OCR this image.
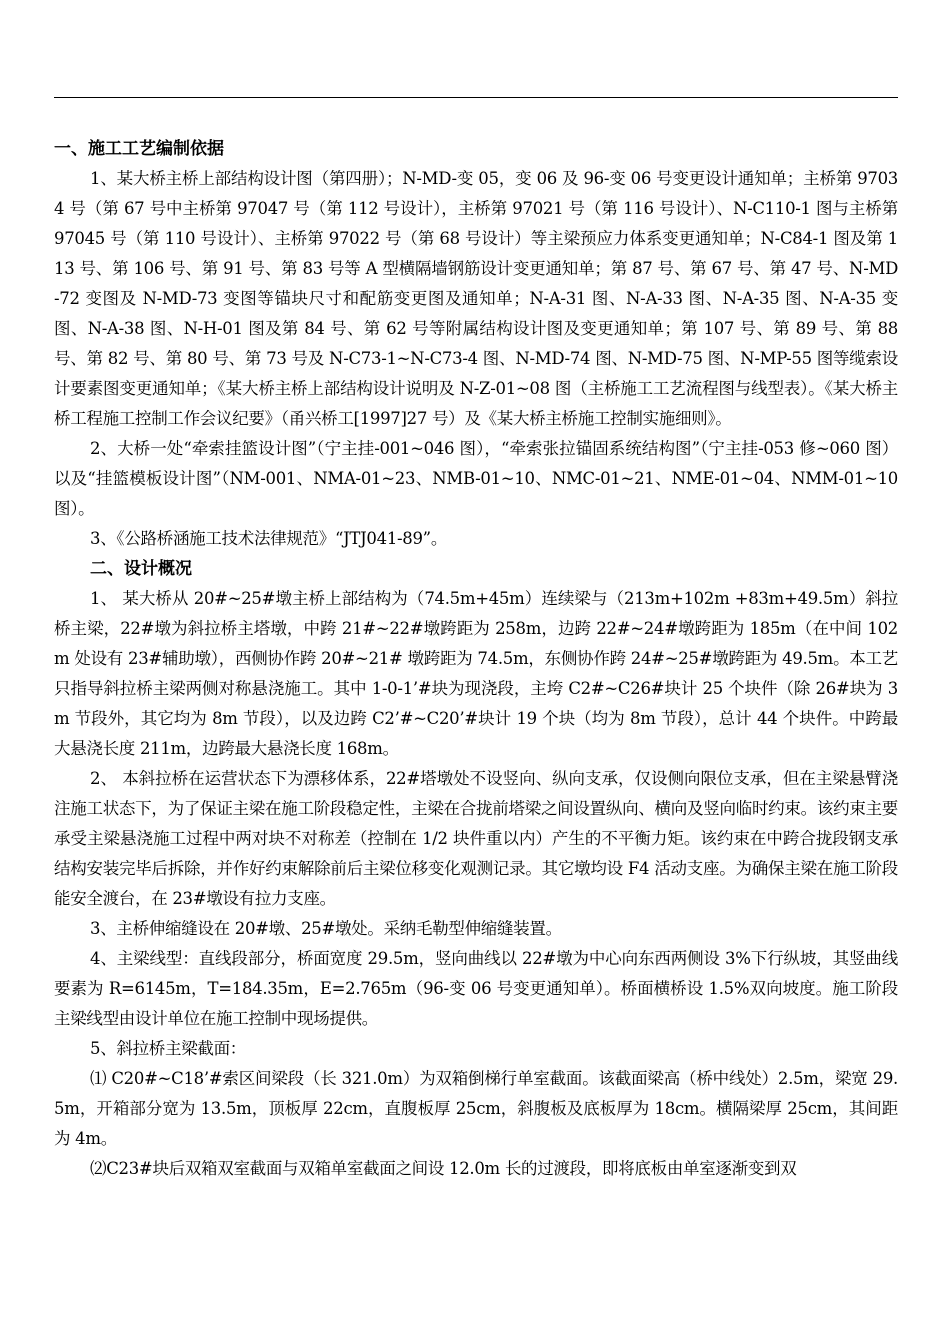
一、施工工艺编制依据

1、某大桥主桥上部结构设计图（第四册）；N-MD-变 05，变 06 及 96-变 06 号变更设计通知单；主桥第 97034 号（第 67 号中主桥第 97047 号（第 112 号设计），主桥第 97021 号（第 116 号设计）、N-C110-1 图与主桥第 97045 号（第 110 号设计）、主桥第 97022 号（第 68 号设计）等主梁预应力体系变更通知单；N-C84-1 图及第 113 号、第 106 号、第 91 号、第 83 号等 A 型横隔墙钢筋设计变更通知单；第 87 号、第 67 号、第 47 号、N-MD-72 变图及 N-MD-73 变图等锚块尺寸和配筋变更图及通知单；N-A-31 图、N-A-33 图、N-A-35 图、N-A-35 变图、N-A-38 图、N-H-01 图及第 84 号、第 62 号等附属结构设计图及变更通知单；第 107 号、第 89 号、第 88 号、第 82 号、第 80 号、第 73 号及 N-C73-1~N-C73-4 图、N-MD-74 图、N-MD-75 图、N-MP-55 图等缆索设计要素图变更通知单；《某大桥主桥上部结构设计说明及 N-Z-01~08 图（主桥施工工艺流程图与线型表）。《某大桥主桥工程施工控制工作会议纪要》（甬兴桥工[1997]27 号）及《某大桥主桥施工控制实施细则》。

2、大桥一处“牵索挂篮设计图”（宁主挂-001~046 图），“牵索张拉锚固系统结构图”（宁主挂-053 修~060 图）以及“挂篮模板设计图”（NM-001、NMA-01~23、NMB-01~10、NMC-01~21、NME-01~04、NMM-01~10 图）。

3、《公路桥涵施工技术法律规范》“JTJ041-89”。

二、设计概况

1、 某大桥从 20#~25#墩主桥上部结构为（74.5m+45m）连续梁与（213m+102m +83m+49.5m）斜拉桥主梁，22#墩为斜拉桥主塔墩，中跨 21#~22#墩跨距为 258m，边跨 22#~24#墩跨距为 185m（在中间 102m 处设有 23#辅助墩），西侧协作跨 20#~21# 墩跨距为 74.5m，东侧协作跨 24#~25#墩跨距为 49.5m。本工艺只指导斜拉桥主梁两侧对称悬浇施工。其中 1-0-1’#块为现浇段，主垮 C2#~C26#块计 25 个块件（除 26#块为 3m 节段外，其它均为 8m 节段），以及边跨 C2’#~C20’#块计 19 个块（均为 8m 节段），总计 44 个块件。中跨最大悬浇长度 211m，边跨最大悬浇长度 168m。

2、 本斜拉桥在运营状态下为漂移体系，22#塔墩处不设竖向、纵向支承，仅设侧向限位支承，但在主梁悬臂浇注施工状态下，为了保证主梁在施工阶段稳定性，主梁在合拢前塔梁之间设置纵向、横向及竖向临时约束。该约束主要承受主梁悬浇施工过程中两对块不对称差（控制在 1/2 块件重以内）产生的不平衡力矩。该约束在中跨合拢段钢支承结构安装完毕后拆除，并作好约束解除前后主梁位移变化观测记录。其它墩均设 F4 活动支座。为确保主梁在施工阶段能安全渡台，在 23#墩设有拉力支座。

3、主桥伸缩缝设在 20#墩、25#墩处。采纳毛勒型伸缩缝装置。

4、主梁线型：直线段部分，桥面宽度 29.5m，竖向曲线以 22#墩为中心向东西两侧设 3%下行纵坡，其竖曲线要素为 R=6145m，T=184.35m，E=2.765m（96-变 06 号变更通知单）。桥面横桥设 1.5%双向坡度。施工阶段主梁线型由设计单位在施工控制中现场提供。

5、斜拉桥主梁截面：

⑴ C20#~C18’#索区间梁段（长 321.0m）为双箱倒梯行单室截面。该截面梁高（桥中线处）2.5m，梁宽 29.5m，开箱部分宽为 13.5m，顶板厚 22cm，直腹板厚 25cm，斜腹板及底板厚为 18cm。横隔梁厚 25cm，其间距为 4m。

⑵C23#块后双箱双室截面与双箱单室截面之间设 12.0m 长的过渡段，即将底板由单室逐渐变到双
